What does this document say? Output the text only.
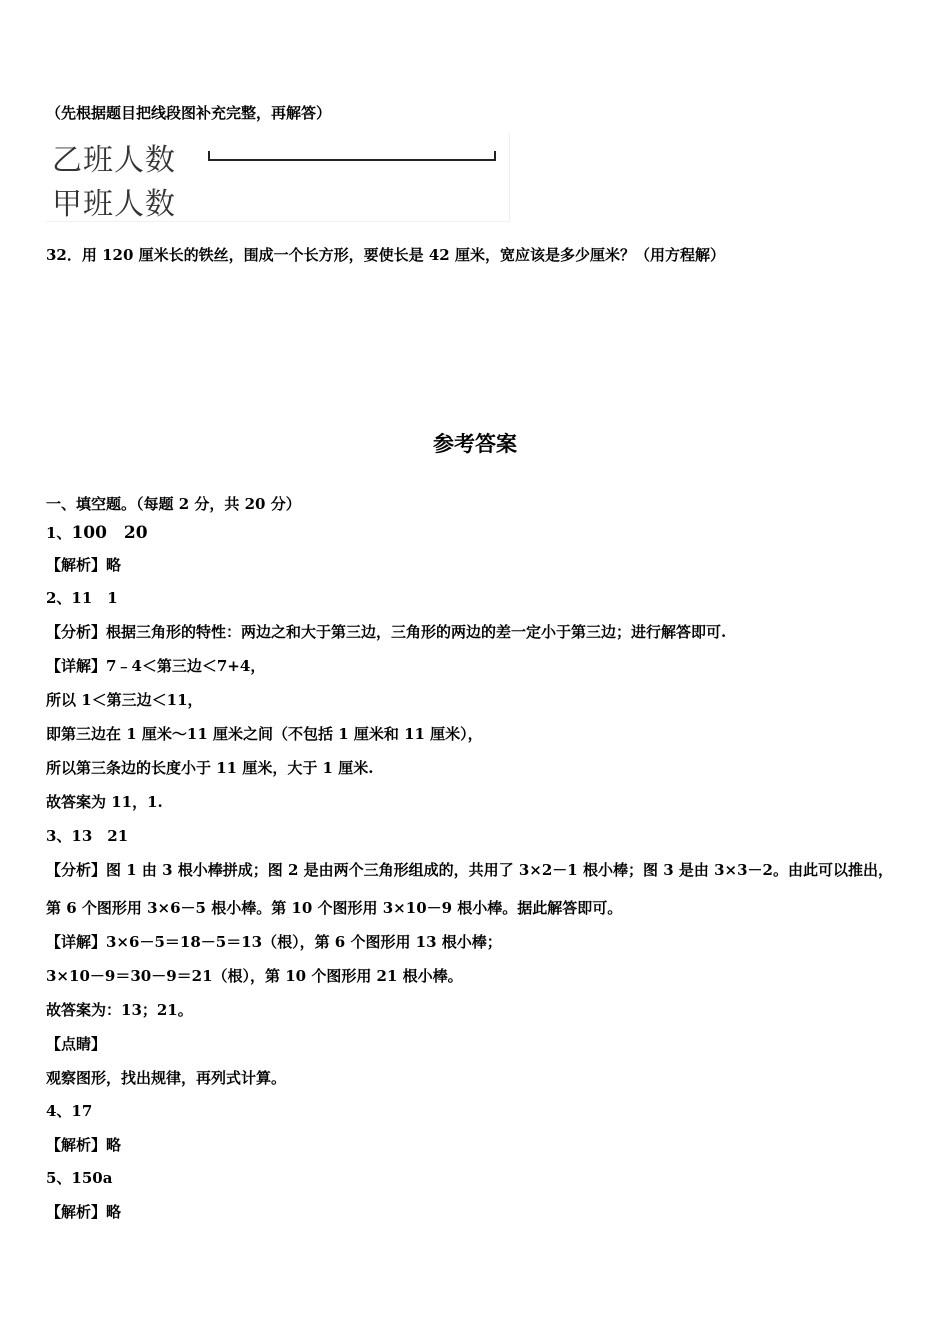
（先根据题目把线段图补充完整，再解答）
乙班人数
甲班人数
32．用 120 厘米长的铁丝，围成一个长方形，要使长是 42 厘米，宽应该是多少厘米？（用方程解）
参考答案
一、填空题。（每题 2 分，共 20 分）
1、100　20
【解析】略
2、11　1
【分析】根据三角形的特性：两边之和大于第三边，三角形的两边的差一定小于第三边；进行解答即可.
【详解】7﹣4＜第三边＜7+4，
所以 1＜第三边＜11，
即第三边在 1 厘米～11 厘米之间（不包括 1 厘米和 11 厘米），
所以第三条边的长度小于 11 厘米，大于 1 厘米.
故答案为 11，1.
3、13　21
【分析】图 1 由 3 根小棒拼成；图 2 是由两个三角形组成的，共用了 3×2－1 根小棒；图 3 是由 3×3－2。由此可以推出，
第 6 个图形用 3×6－5 根小棒。第 10 个图形用 3×10－9 根小棒。据此解答即可。
【详解】3×6－5＝18－5＝13（根），第 6 个图形用 13 根小棒；
3×10－9＝30－9＝21（根），第 10 个图形用 21 根小棒。
故答案为：13；21。
【点睛】
观察图形，找出规律，再列式计算。
4、17
【解析】略
5、150a
【解析】略
